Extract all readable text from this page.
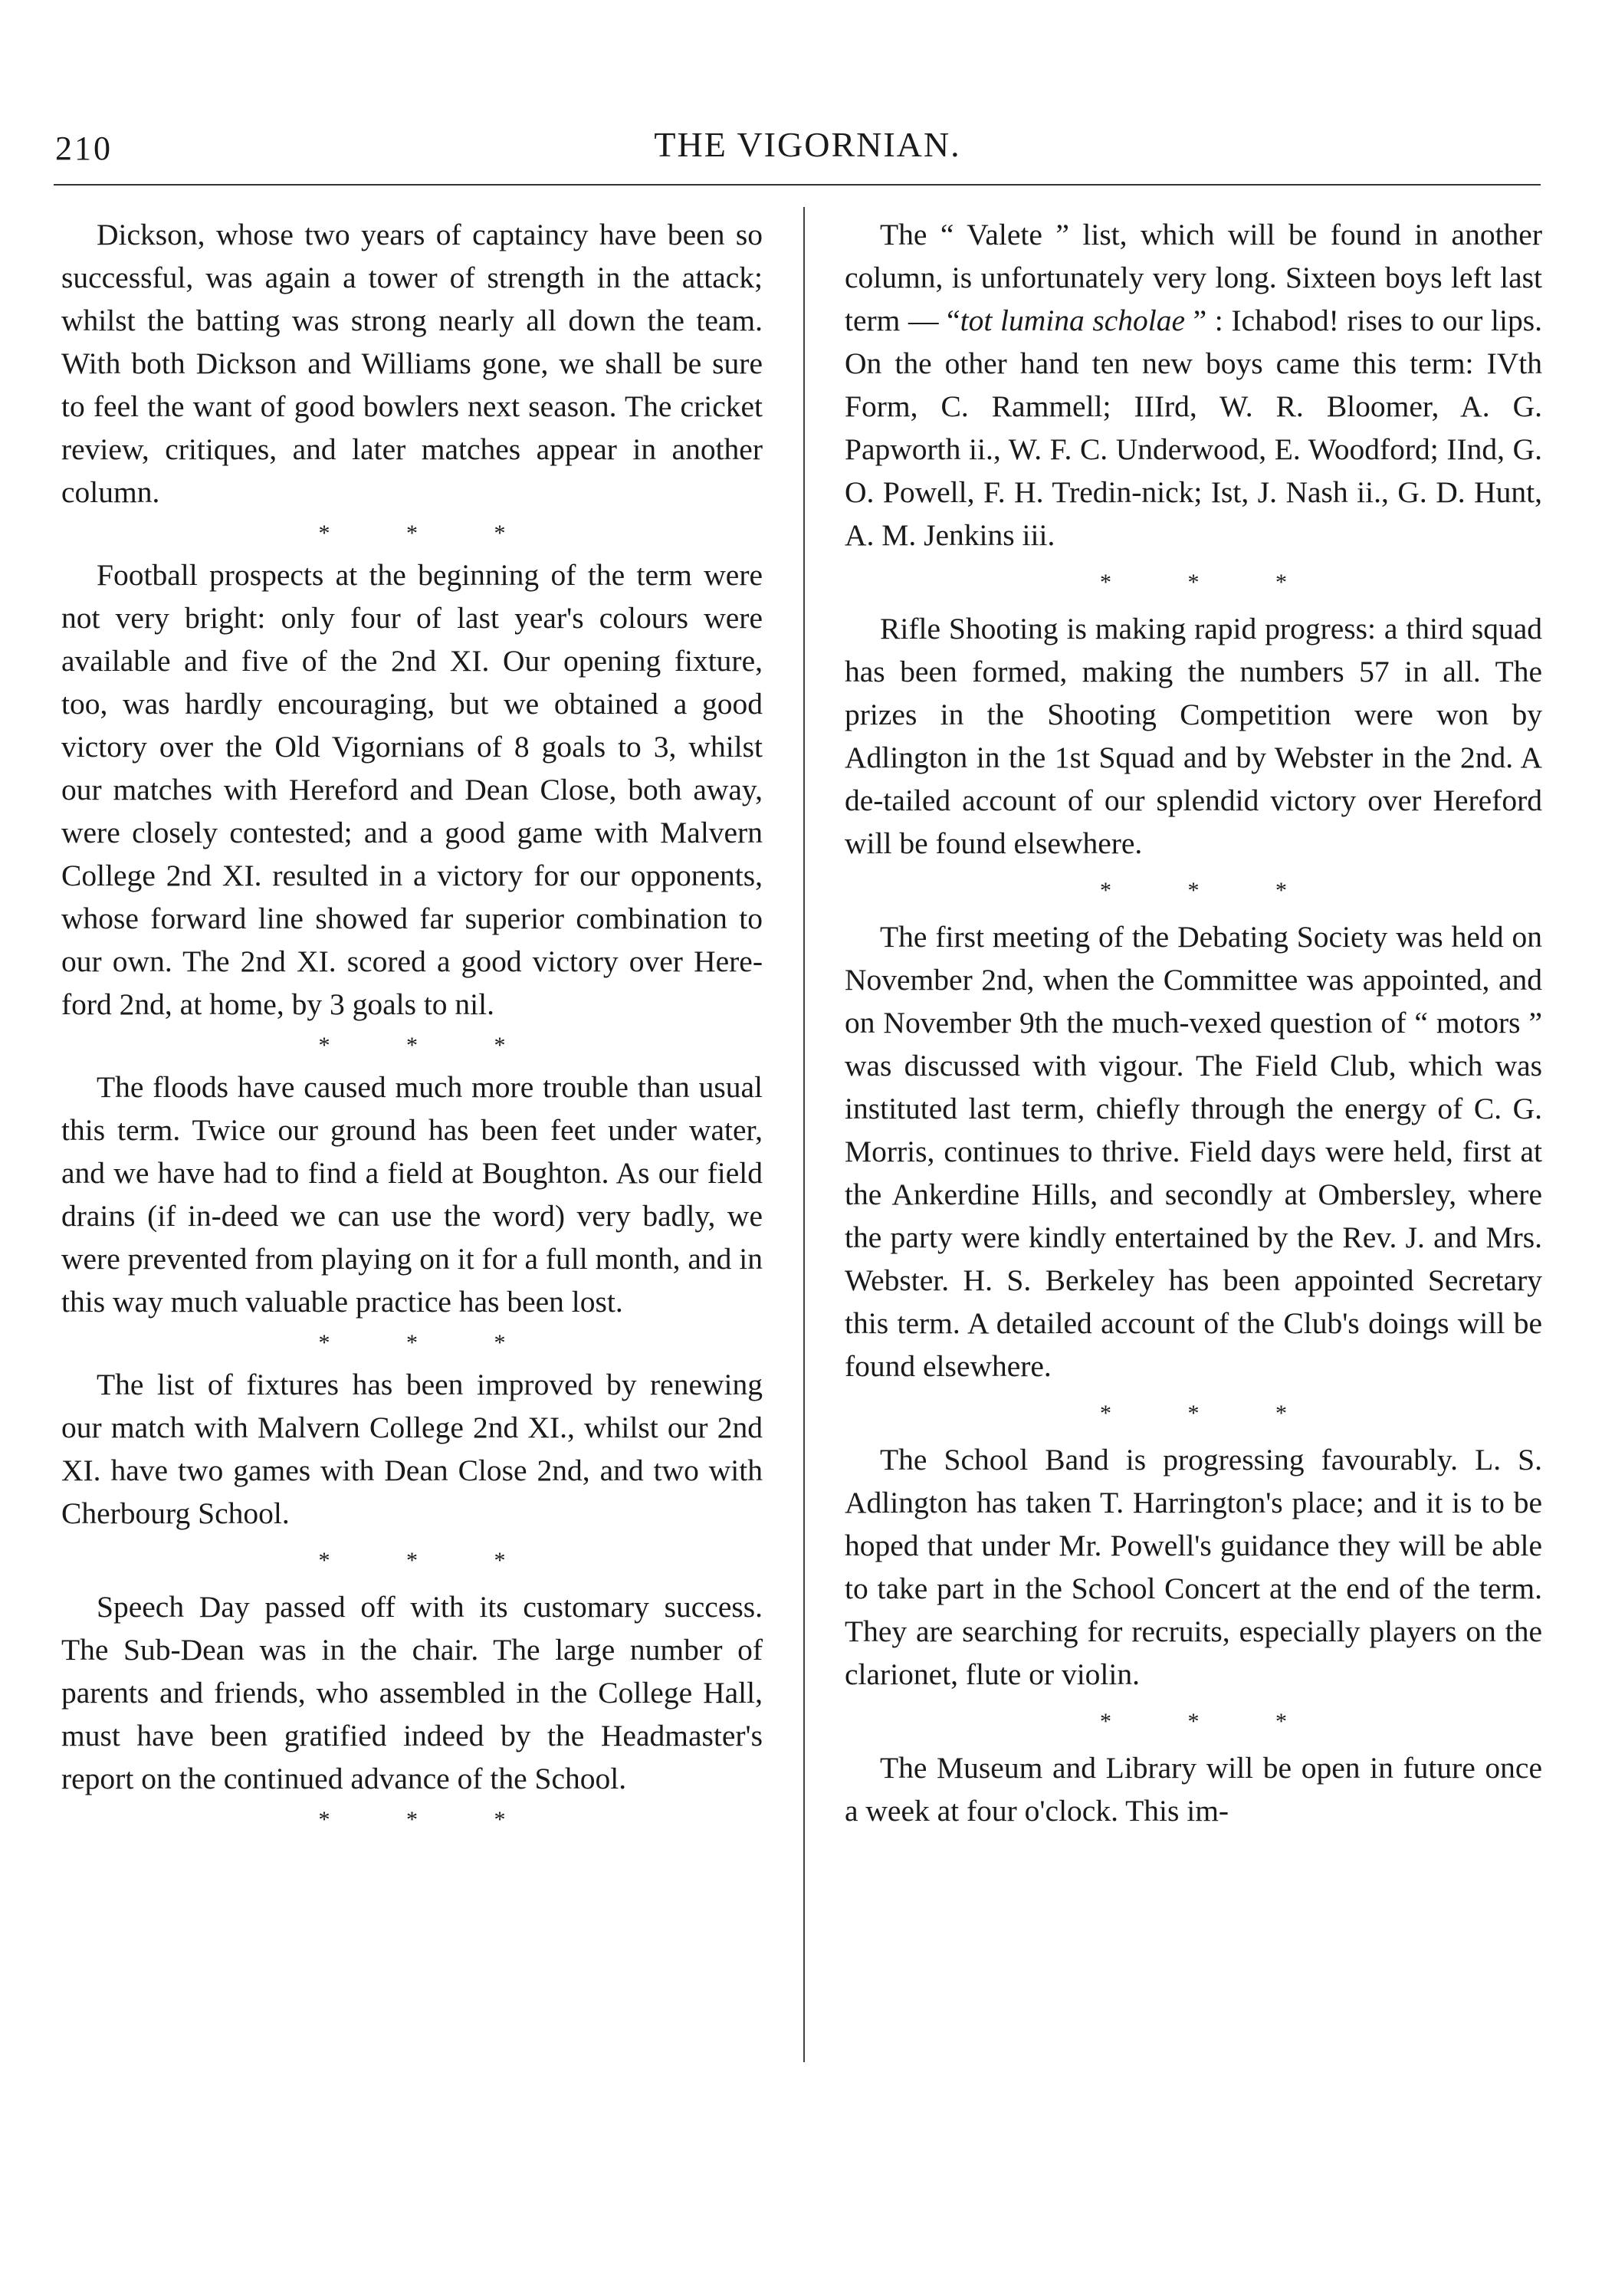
210	THE VIGORNIAN.

Dickson, whose two years of captaincy have been so successful, was again a tower of strength in the attack; whilst the batting was strong nearly all down the team. With both Dickson and Williams gone, we shall be sure to feel the want of good bowlers next season. The cricket review, critiques, and later matches appear in another column.

* * *

Football prospects at the beginning of the term were not very bright: only four of last year's colours were available and five of the 2nd XI. Our opening fixture, too, was hardly encouraging, but we obtained a good victory over the Old Vigornians of 8 goals to 3, whilst our matches with Hereford and Dean Close, both away, were closely contested; and a good game with Malvern College 2nd XI. resulted in a victory for our opponents, whose forward line showed far superior combination to our own. The 2nd XI. scored a good victory over Here-ford 2nd, at home, by 3 goals to nil.

* * *

The floods have caused much more trouble than usual this term. Twice our ground has been feet under water, and we have had to find a field at Boughton. As our field drains (if in-deed we can use the word) very badly, we were prevented from playing on it for a full month, and in this way much valuable practice has been lost.

* * *

The list of fixtures has been improved by renewing our match with Malvern College 2nd XI., whilst our 2nd XI. have two games with Dean Close 2nd, and two with Cherbourg School.

* * *

Speech Day passed off with its customary success. The Sub-Dean was in the chair. The large number of parents and friends, who assembled in the College Hall, must have been gratified indeed by the Headmaster's report on the continued advance of the School.

* * *

The “ Valete ” list, which will be found in another column, is unfortunately very long. Sixteen boys left last term — “tot lumina scholae ” : Ichabod! rises to our lips. On the other hand ten new boys came this term: IVth Form, C. Rammell; IIIrd, W. R. Bloomer, A. G. Papworth ii., W. F. C. Underwood, E. Woodford; IInd, G. O. Powell, F. H. Tredin-nick; Ist, J. Nash ii., G. D. Hunt, A. M. Jenkins iii.

* * *

Rifle Shooting is making rapid progress: a third squad has been formed, making the numbers 57 in all. The prizes in the Shooting Competition were won by Adlington in the 1st Squad and by Webster in the 2nd. A de-tailed account of our splendid victory over Hereford will be found elsewhere.

* * *

The first meeting of the Debating Society was held on November 2nd, when the Committee was appointed, and on November 9th the much-vexed question of “ motors ” was discussed with vigour. The Field Club, which was instituted last term, chiefly through the energy of C. G. Morris, continues to thrive. Field days were held, first at the Ankerdine Hills, and secondly at Ombersley, where the party were kindly entertained by the Rev. J. and Mrs. Webster. H. S. Berkeley has been appointed Secretary this term. A detailed account of the Club's doings will be found elsewhere.

* * *

The School Band is progressing favourably. L. S. Adlington has taken T. Harrington's place; and it is to be hoped that under Mr. Powell's guidance they will be able to take part in the School Concert at the end of the term. They are searching for recruits, especially players on the clarionet, flute or violin.

* * *

The Museum and Library will be open in future once a week at four o'clock. This im-
